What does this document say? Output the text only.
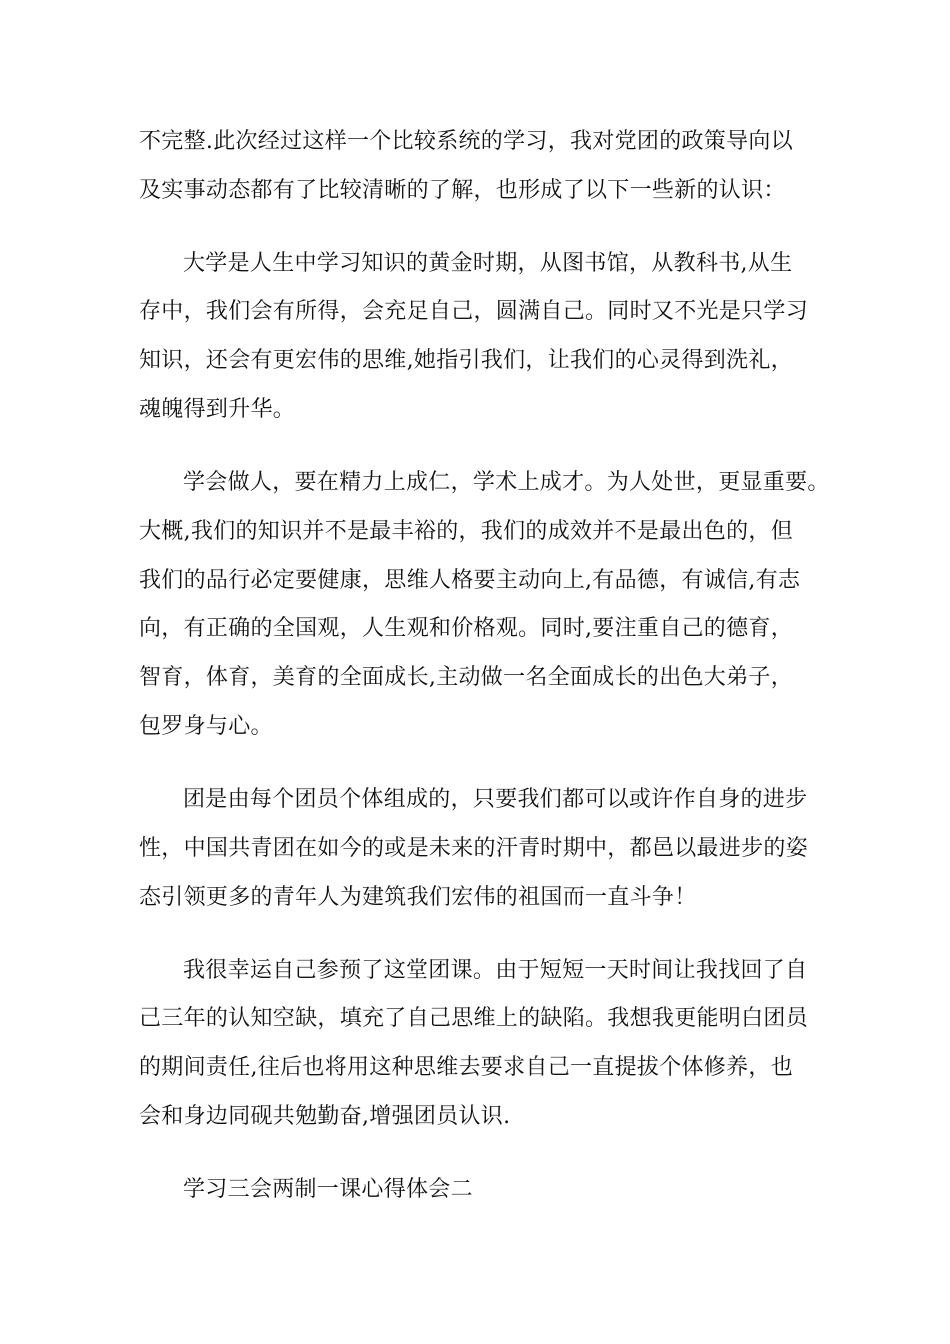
不完整.此次经过这样一个比较系统的学习，我对党团的政策导向以
及实事动态都有了比较清晰的了解，也形成了以下一些新的认识：
大学是人生中学习知识的黄金时期，从图书馆，从教科书,从生
存中，我们会有所得，会充足自己，圆满自己。同时又不光是只学习
知识，还会有更宏伟的思维,她指引我们，让我们的心灵得到洗礼，
魂魄得到升华。
学会做人，要在精力上成仁，学术上成才。为人处世，更显重要。
大概,我们的知识并不是最丰裕的，我们的成效并不是最出色的，但
我们的品行必定要健康，思维人格要主动向上,有品德，有诚信,有志
向，有正确的全国观，人生观和价格观。同时,要注重自己的德育，
智育，体育，美育的全面成长,主动做一名全面成长的出色大弟子，
包罗身与心。
团是由每个团员个体组成的，只要我们都可以或许作自身的进步
性，中国共青团在如今的或是未来的汗青时期中，都邑以最进步的姿
态引领更多的青年人为建筑我们宏伟的祖国而一直斗争！
我很幸运自己参预了这堂团课。由于短短一天时间让我找回了自
己三年的认知空缺，填充了自己思维上的缺陷。我想我更能明白团员
的期间责任,往后也将用这种思维去要求自己一直提拔个体修养，也
会和身边同砚共勉勤奋,增强团员认识.
学习三会两制一课心得体会二
